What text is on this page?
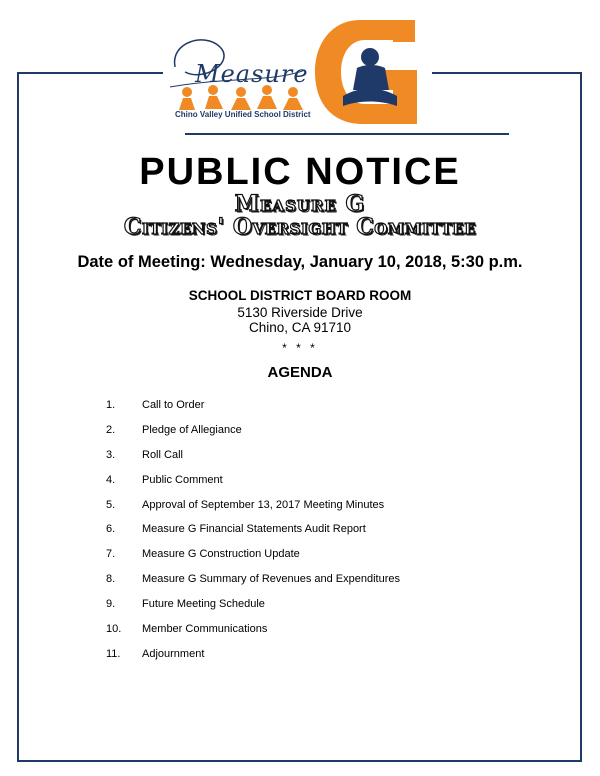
Measure
Chino Valley Unified School District
PUBLIC NOTICE
Measure G
Citizens' Oversight Committee
Date of Meeting: Wednesday, January 10, 2018, 5:30 p.m.
SCHOOL DISTRICT BOARD ROOM
5130 Riverside Drive
Chino, CA 91710
* * *
AGENDA
1. Call to Order
2. Pledge of Allegiance
3. Roll Call
4. Public Comment
5. Approval of September 13, 2017 Meeting Minutes
6. Measure G Financial Statements Audit Report
7. Measure G Construction Update
8. Measure G Summary of Revenues and Expenditures
9. Future Meeting Schedule
10. Member Communications
11. Adjournment
